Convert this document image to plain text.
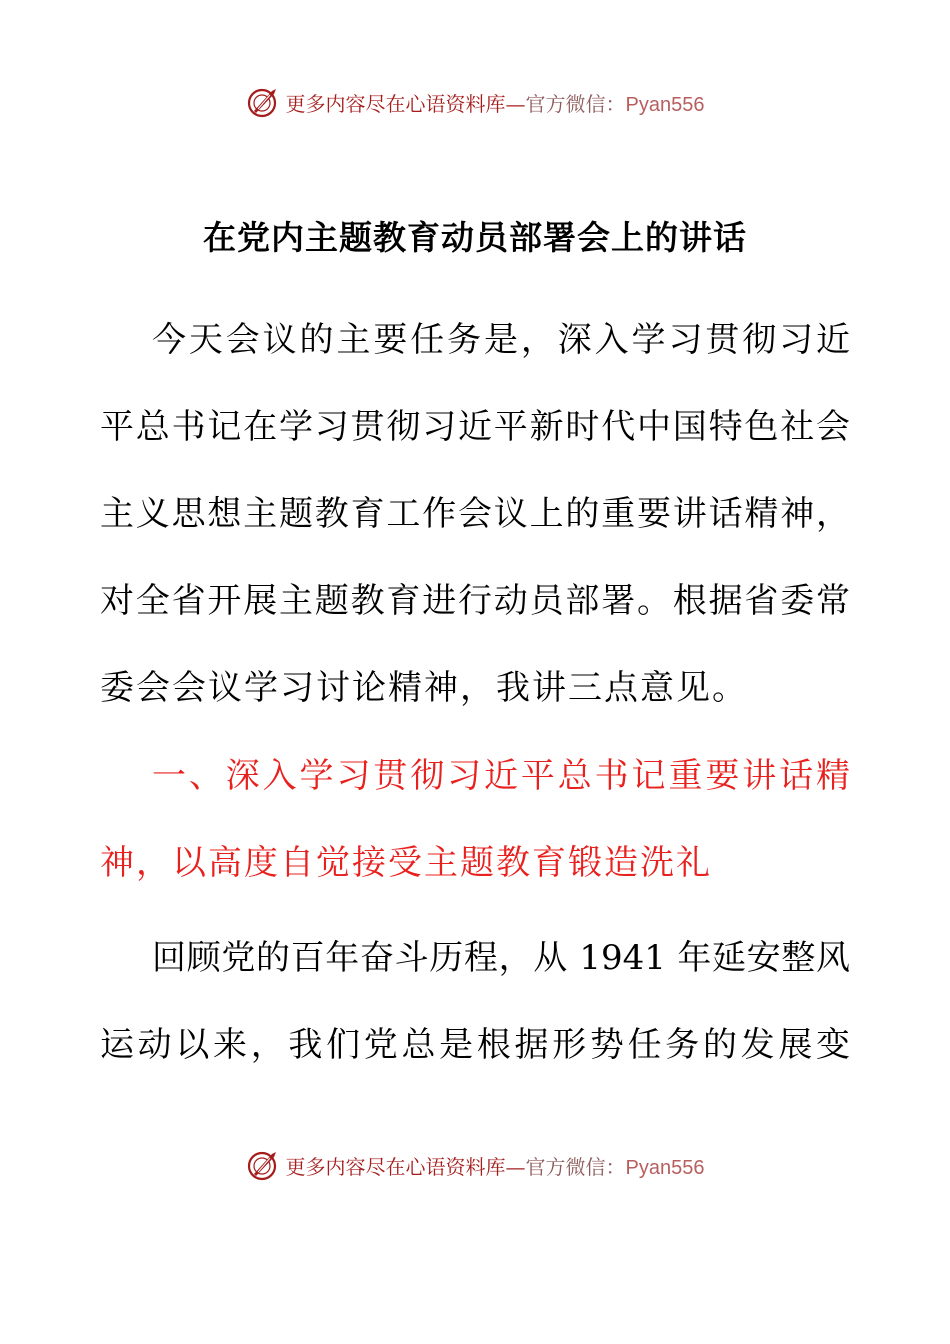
更多内容尽在心语资料库—官方微信：Pyan556
在党内主题教育动员部署会上的讲话

今天会议的主要任务是，深入学习贯彻习近

平总书记在学习贯彻习近平新时代中国特色社会

主义思想主题教育工作会议上的重要讲话精神，

对全省开展主题教育进行动员部署。根据省委常

委会会议学习讨论精神，我讲三点意见。

一、深入学习贯彻习近平总书记重要讲话精

神，以高度自觉接受主题教育锻造洗礼

回顾党的百年奋斗历程，从 1941 年延安整风

运动以来，我们党总是根据形势任务的发展变

更多内容尽在心语资料库—官方微信：Pyan556
